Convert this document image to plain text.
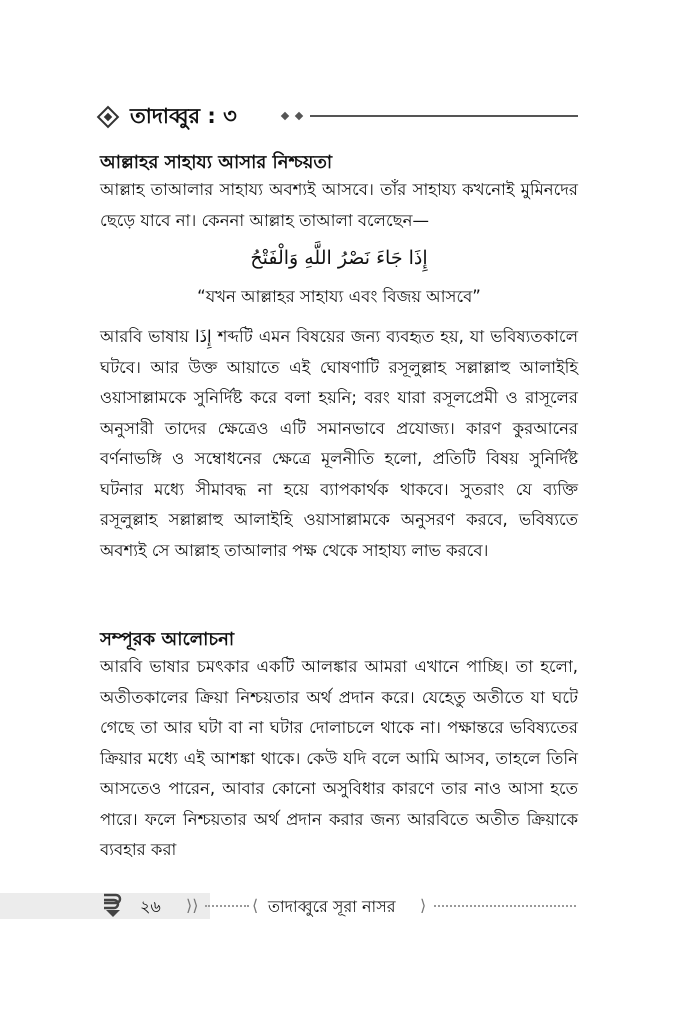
তাদাব্বুর : ৩
আল্লাহর সাহায্য আসার নিশ্চয়তা

আল্লাহ তাআলার সাহায্য অবশ্যই আসবে। তাঁর সাহায্য কখনোই মুমিনদের ছেড়ে যাবে না। কেননা আল্লাহ তাআলা বলেছেন—

إِذَا جَاءَ نَصْرُ اللَّهِ وَالْفَتْحُ
“যখন আল্লাহর সাহায্য এবং বিজয় আসবে”

আরবি ভাষায় إِذَا শব্দটি এমন বিষয়ের জন্য ব্যবহৃত হয়, যা ভবিষ্যতকালে ঘটবে। আর উক্ত আয়াতে এই ঘোষণাটি রসূলুল্লাহ সল্লাল্লাহু আলাইহি ওয়াসাল্লামকে সুনির্দিষ্ট করে বলা হয়নি; বরং যারা রসূলপ্রেমী ও রাসূলের অনুসারী তাদের ক্ষেত্রেও এটি সমানভাবে প্রযোজ্য। কারণ কুরআনের বর্ণনাভঙ্গি ও সম্বোধনের ক্ষেত্রে মূলনীতি হলো, প্রতিটি বিষয় সুনির্দিষ্ট ঘটনার মধ্যে সীমাবদ্ধ না হয়ে ব্যাপকার্থক থাকবে। সুতরাং যে ব্যক্তি রসূলুল্লাহ সল্লাল্লাহু আলাইহি ওয়াসাল্লামকে অনুসরণ করবে, ভবিষ্যতে অবশ্যই সে আল্লাহ তাআলার পক্ষ থেকে সাহায্য লাভ করবে।

সম্পূরক আলোচনা

আরবি ভাষার চমৎকার একটি আলঙ্কার আমরা এখানে পাচ্ছি। তা হলো, অতীতকালের ক্রিয়া নিশ্চয়তার অর্থ প্রদান করে। যেহেতু অতীতে যা ঘটে গেছে তা আর ঘটা বা না ঘটার দোলাচলে থাকে না। পক্ষান্তরে ভবিষ্যতের ক্রিয়ার মধ্যে এই আশঙ্কা থাকে। কেউ যদি বলে আমি আসব, তাহলে তিনি আসতেও পারেন, আবার কোনো অসুবিধার কারণে তার নাও আসা হতে পারে। ফলে নিশ্চয়তার অর্থ প্রদান করার জন্য আরবিতে অতীত ক্রিয়াকে ব্যবহার করা

২৬ ⟩⟩	⟨ তাদাব্বুরে সূরা নাসর ⟩
